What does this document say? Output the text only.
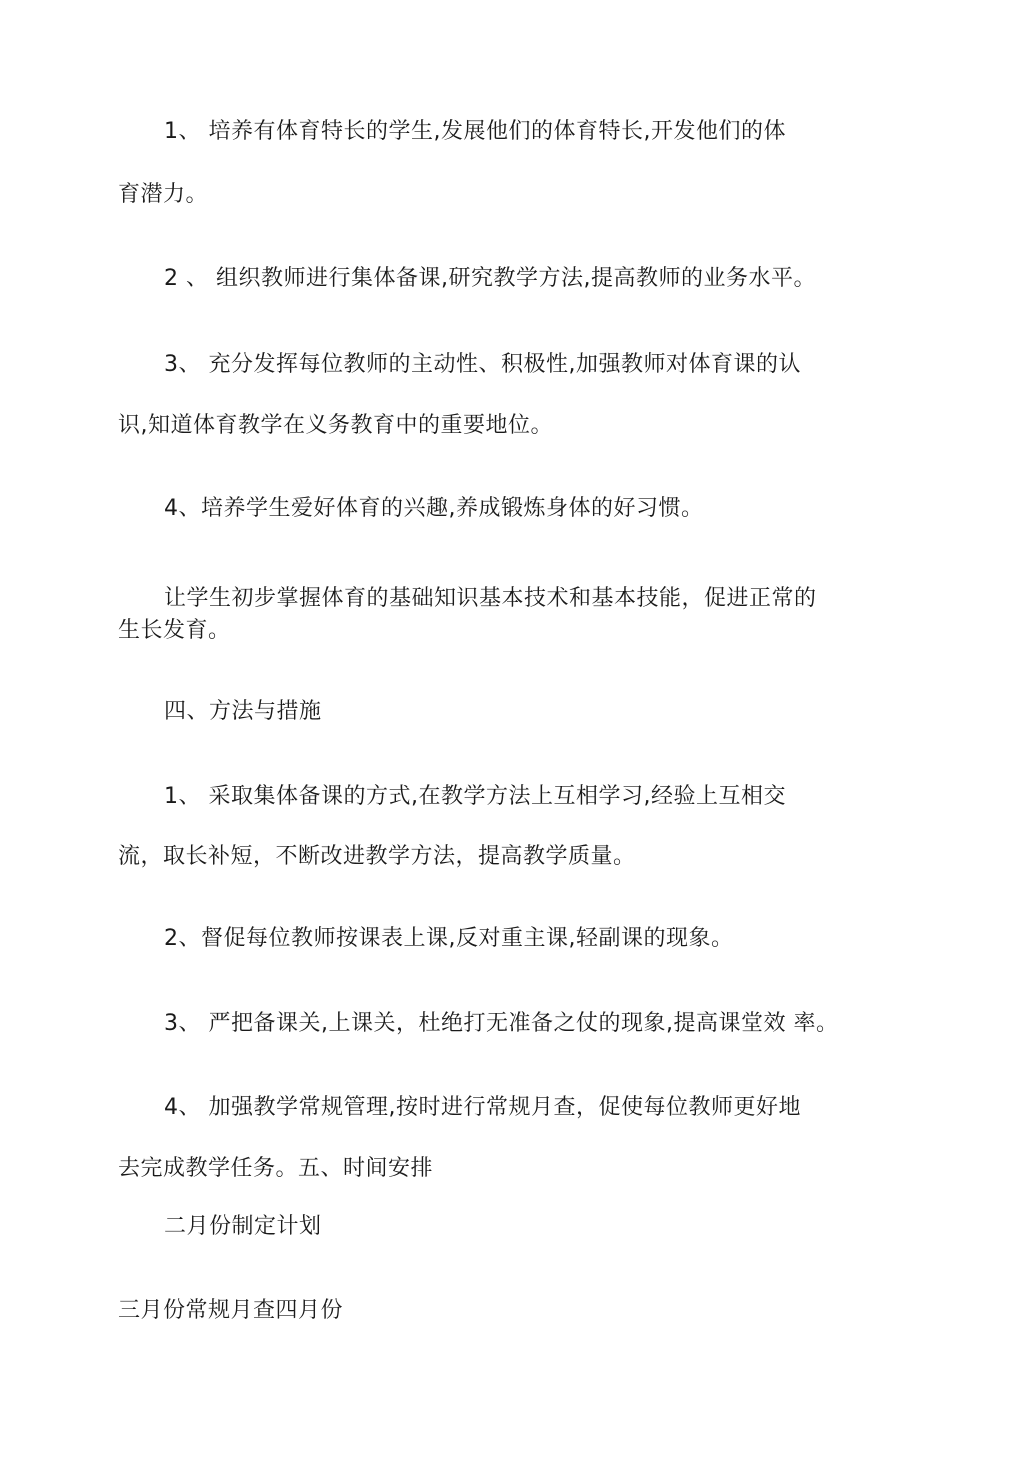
1、 培养有体育特长的学生,发展他们的体育特长,开发他们的体
育潜力。
2 、 组织教师进行集体备课,研究教学方法,提高教师的业务水平。
3、 充分发挥每位教师的主动性、积极性,加强教师对体育课的认
识,知道体育教学在义务教育中的重要地位。
4、培养学生爱好体育的兴趣,养成锻炼身体的好习惯。
让学生初步掌握体育的基础知识基本技术和基本技能，促进正常的
生长发育。
四、方法与措施
1、 采取集体备课的方式,在教学方法上互相学习,经验上互相交
流，取长补短，不断改进教学方法，提高教学质量。
2、督促每位教师按课表上课,反对重主课,轻副课的现象。
3、 严把备课关,上课关，杜绝打无准备之仗的现象,提高课堂效 率。
4、 加强教学常规管理,按时进行常规月查，促使每位教师更好地
去完成教学任务。五、时间安排
二月份制定计划
三月份常规月查四月份
